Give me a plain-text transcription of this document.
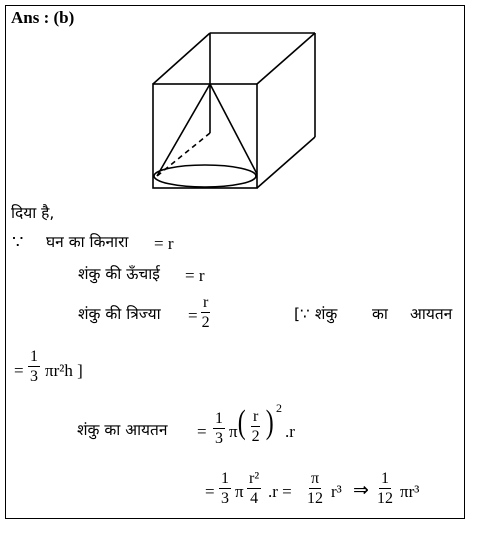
Ans : (b)
दिया है,
∵ घन का किनारा = r
शंकु की ऊँचाई = r
शंकु की त्रिज्या = $\frac{r}{2}$	[∵ शंकु का आयतन
= $\frac{1}{3} \pi r^2h$ ]
शंकु का आयतन = $\frac{1}{3}$ π ( $\frac{r}{2}$ ) 2
.r
= $\frac{1}{3}$ π $\frac{\text{r²}}{4} .r = \frac{\pi}{12} r^3$ ⇒ $\frac{1}{12} \pi r^3$
